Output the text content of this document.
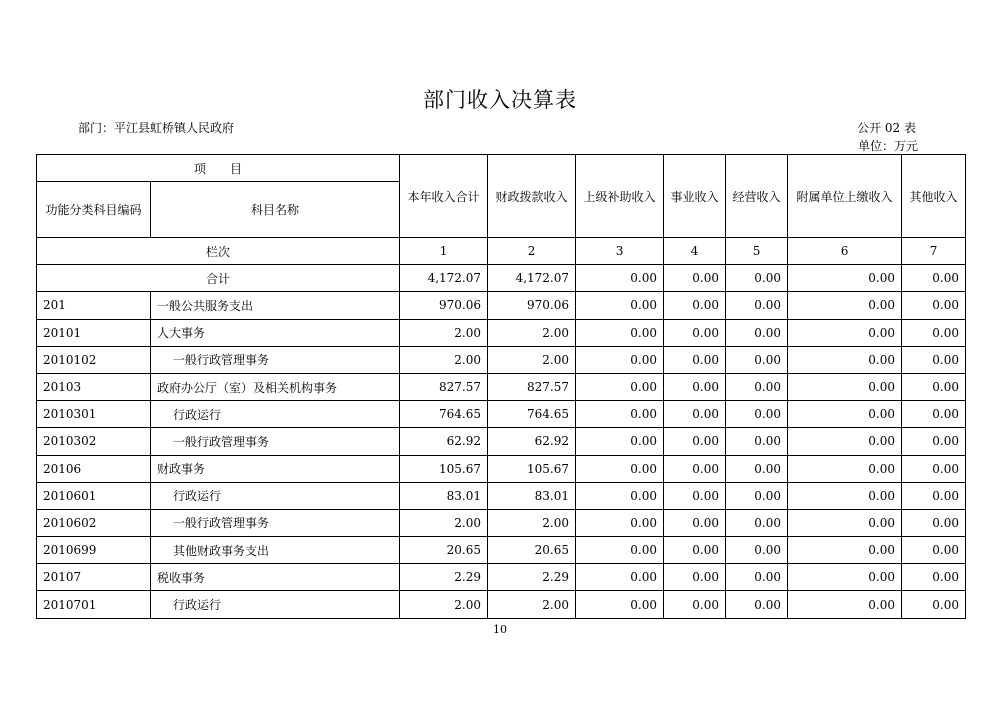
部门收入决算表
部门：平江县虹桥镇人民政府	公开 02 表
单位：万元
项　　目		本年收入合计	财政拨款收入	上级补助收入	事业收入	经营收入	附属单位上缴收入	其他收入
功能分类科目编码	科目名称							
栏次		1	2	3	4	5	6	7
合计		4,172.07	4,172.07	0.00	0.00	0.00	0.00	0.00
201	一般公共服务支出	970.06	970.06	0.00	0.00	0.00	0.00	0.00
20101	人大事务	2.00	2.00	0.00	0.00	0.00	0.00	0.00
2010102	一般行政管理事务	2.00	2.00	0.00	0.00	0.00	0.00	0.00
20103	政府办公厅（室）及相关机构事务	827.57	827.57	0.00	0.00	0.00	0.00	0.00
2010301	行政运行	764.65	764.65	0.00	0.00	0.00	0.00	0.00
2010302	一般行政管理事务	62.92	62.92	0.00	0.00	0.00	0.00	0.00
20106	财政事务	105.67	105.67	0.00	0.00	0.00	0.00	0.00
2010601	行政运行	83.01	83.01	0.00	0.00	0.00	0.00	0.00
2010602	一般行政管理事务	2.00	2.00	0.00	0.00	0.00	0.00	0.00
2010699	其他财政事务支出	20.65	20.65	0.00	0.00	0.00	0.00	0.00
20107	税收事务	2.29	2.29	0.00	0.00	0.00	0.00	0.00
2010701	行政运行	2.00	2.00	0.00	0.00	0.00	0.00	0.00
10
